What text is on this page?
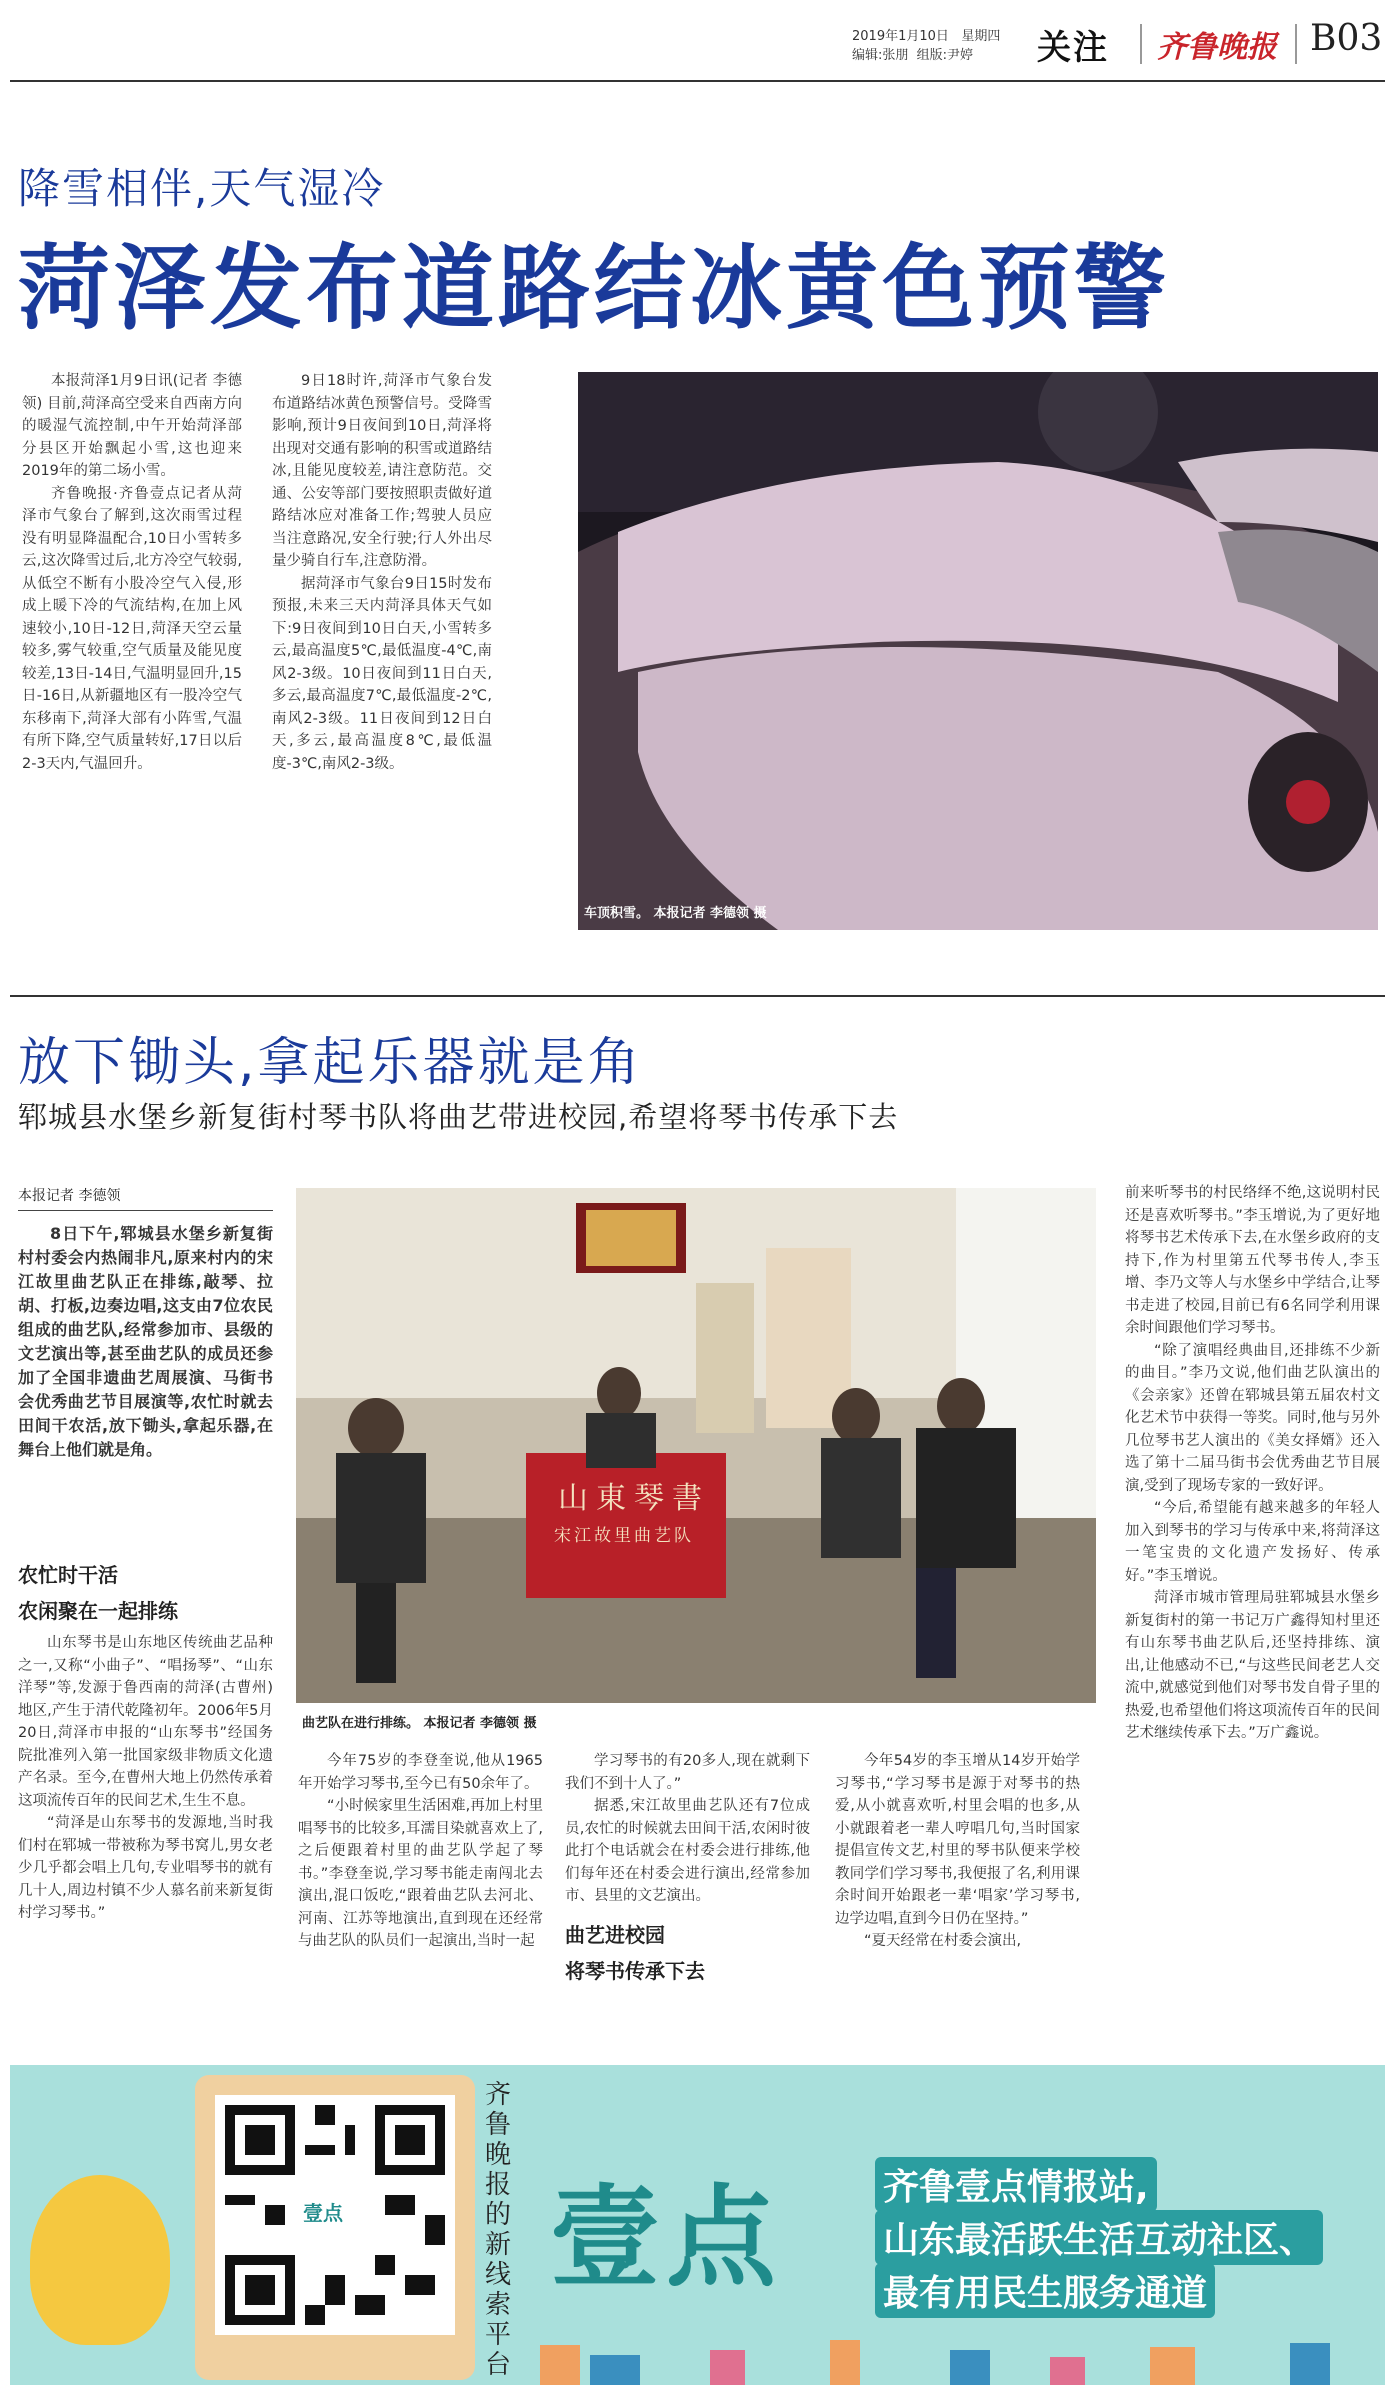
2019年1月10日 星期四
编辑:张朋 组版:尹婷 关注 齐鲁晚报 B03
降雪相伴,天气湿冷
菏泽发布道路结冰黄色预警

本报菏泽1月9日讯(记者 李德领) 目前,菏泽高空受来自西南方向的暖湿气流控制,中午开始菏泽部分县区开始飘起小雪,这也迎来2019年的第二场小雪。

齐鲁晚报·齐鲁壹点记者从菏泽市气象台了解到,这次雨雪过程没有明显降温配合,10日小雪转多云,这次降雪过后,北方冷空气较弱,从低空不断有小股冷空气入侵,形成上暖下冷的气流结构,在加上风速较小,10日-12日,菏泽天空云量较多,雾气较重,空气质量及能见度较差,13日-14日,气温明显回升,15日-16日,从新疆地区有一股冷空气东移南下,菏泽大部有小阵雪,气温有所下降,空气质量转好,17日以后2-3天内,气温回升。

9日18时许,菏泽市气象台发布道路结冰黄色预警信号。受降雪影响,预计9日夜间到10日,菏泽将出现对交通有影响的积雪或道路结冰,且能见度较差,请注意防范。交通、公安等部门要按照职责做好道路结冰应对准备工作;驾驶人员应当注意路况,安全行驶;行人外出尽量少骑自行车,注意防滑。

据菏泽市气象台9日15时发布预报,未来三天内菏泽具体天气如下:9日夜间到10日白天,小雪转多云,最高温度5℃,最低温度-4℃,南风2-3级。10日夜间到11日白天,多云,最高温度7℃,最低温度-2℃,南风2-3级。11日夜间到12日白天,多云,最高温度8℃,最低温度-3℃,南风2-3级。

车顶积雪。 本报记者 李德领 摄
放下锄头,拿起乐器就是角
郓城县水堡乡新复街村琴书队将曲艺带进校园,希望将琴书传承下去
本报记者 李德领

8日下午,郓城县水堡乡新复街村村委会内热闹非凡,原来村内的宋江故里曲艺队正在排练,敲琴、拉胡、打板,边奏边唱,这支由7位农民组成的曲艺队,经常参加市、县级的文艺演出等,甚至曲艺队的成员还参加了全国非遗曲艺周展演、马街书会优秀曲艺节目展演等,农忙时就去田间干农活,放下锄头,拿起乐器,在舞台上他们就是角。

农忙时干活
农闲聚在一起排练

山东琴书是山东地区传统曲艺品种之一,又称“小曲子”、“唱扬琴”、“山东洋琴”等,发源于鲁西南的菏泽(古曹州)地区,产生于清代乾隆初年。2006年5月20日,菏泽市申报的“山东琴书”经国务院批准列入第一批国家级非物质文化遗产名录。至今,在曹州大地上仍然传承着这项流传百年的民间艺术,生生不息。

“菏泽是山东琴书的发源地,当时我们村在郓城一带被称为琴书窝儿,男女老少几乎都会唱上几句,专业唱琴书的就有几十人,周边村镇不少人慕名前来新复街村学习琴书。”

山東琴書
宋江故里曲艺队
曲艺队在进行排练。 本报记者 李德领 摄

今年75岁的李登奎说,他从1965年开始学习琴书,至今已有50余年了。

“小时候家里生活困难,再加上村里唱琴书的比较多,耳濡目染就喜欢上了,之后便跟着村里的曲艺队学起了琴书。”李登奎说,学习琴书能走南闯北去演出,混口饭吃,“跟着曲艺队去河北、河南、江苏等地演出,直到现在还经常与曲艺队的队员们一起演出,当时一起

学习琴书的有20多人,现在就剩下我们不到十人了。”

据悉,宋江故里曲艺队还有7位成员,农忙的时候就去田间干活,农闲时彼此打个电话就会在村委会进行排练,他们每年还在村委会进行演出,经常参加市、县里的文艺演出。

曲艺进校园
将琴书传承下去

今年54岁的李玉增从14岁开始学习琴书,“学习琴书是源于对琴书的热爱,从小就喜欢听,村里会唱的也多,从小就跟着老一辈人哼唱几句,当时国家提倡宣传文艺,村里的琴书队便来学校教同学们学习琴书,我便报了名,利用课余时间开始跟老一辈‘唱家’学习琴书,边学边唱,直到今日仍在坚持。”

“夏天经常在村委会演出,

前来听琴书的村民络绎不绝,这说明村民还是喜欢听琴书。”李玉增说,为了更好地将琴书艺术传承下去,在水堡乡政府的支持下,作为村里第五代琴书传人,李玉增、李乃文等人与水堡乡中学结合,让琴书走进了校园,目前已有6名同学利用课余时间跟他们学习琴书。

“除了演唱经典曲目,还排练不少新的曲目。”李乃文说,他们曲艺队演出的《会亲家》还曾在郓城县第五届农村文化艺术节中获得一等奖。同时,他与另外几位琴书艺人演出的《美女择婿》还入选了第十二届马街书会优秀曲艺节目展演,受到了现场专家的一致好评。

“今后,希望能有越来越多的年轻人加入到琴书的学习与传承中来,将菏泽这一笔宝贵的文化遗产发扬好、传承好。”李玉增说。

菏泽市城市管理局驻郓城县水堡乡新复街村的第一书记万广鑫得知村里还有山东琴书曲艺队后,还坚持排练、演出,让他感动不已,“与这些民间老艺人交流中,就感觉到他们对琴书发自骨子里的热爱,也希望他们将这项流传百年的民间艺术继续传承下去。”万广鑫说。

壹点
齐鲁晚报的新线索平台
壹点	齐鲁壹点情报站,
山东最活跃生活互动社区、
最有用民生服务通道
